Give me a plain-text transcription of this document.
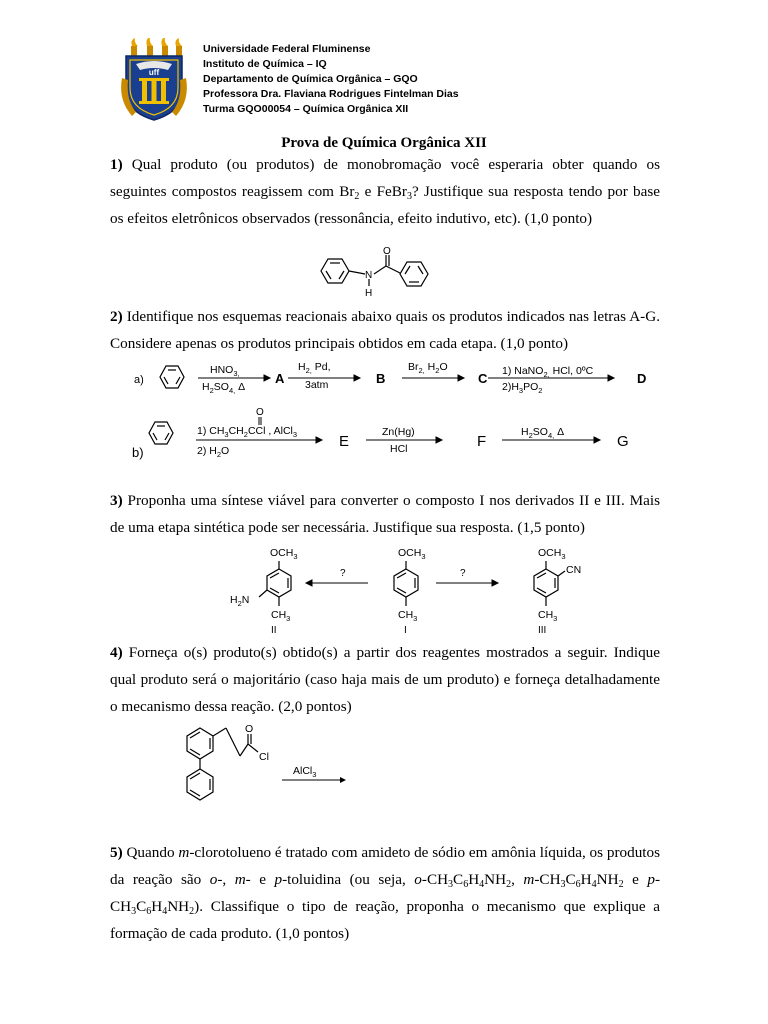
uff
Universidade Federal Fluminense
Instituto de Química – IQ
Departamento de Química Orgânica – GQO
Professora Dra. Flaviana Rodrigues Fintelman Dias
Turma GQO00054 – Química Orgânica XII
Prova de Química Orgânica XII
1) Qual produto (ou produtos) de monobromação você esperaria obter quando os seguintes compostos reagissem com $Br_2$ e FeBr$_3$? Justifique sua resposta tendo por base os efeitos eletrônicos observados (ressonância, efeito indutivo, etc). (1,0 ponto)
O
N
H
2) Identifique nos esquemas reacionais abaixo quais os produtos indicados nas letras A-G. Considere apenas os produtos principais obtidos em cada etapa. (1,0 ponto)
a)
$HNO_{3,}$
$H_2SO_{4,}$ Δ
A
$H_{2,}$ Pd,
3atm	B
$Br_{2,}$ $H_2O$
C 1) NaNO$_{2,}$ HCl, 0ºC
$2)H_3PO_2$
D
b)
O
1) $CH_3CH_2CCl$ , AlCl$_3$
2) $H_2O$
E
Zn(Hg)
HCl	F
$H_2SO_{4,}$ Δ
G
3) Proponha uma síntese viável para converter o composto I nos derivados II e III. Mais de uma etapa sintética pode ser necessária. Justifique sua resposta. (1,5 ponto)
$OCH_3$
$H_2N$
$CH_3$
II
?	?
$OCH_3$
$CH_3$
I
$OCH_3$
CN
$CH_3$
III
4) Forneça o(s) produto(s) obtido(s) a partir dos reagentes mostrados a seguir. Indique qual produto será o majoritário (caso haja mais de um produto) e forneça detalhadamente o mecanismo dessa reação. (2,0 pontos)
O
Cl
AlCl$_3$
5) Quando m-clorotolueno é tratado com amideto de sódio em amônia líquida, os produtos da reação são o-, m- e p-toluidina (ou seja, $o-CH_3C_6H_4NH_2$, $m-CH_3C_6H_4NH_2$ e $p-CH_3C_6H_4NH_2$). Classifique o tipo de reação, proponha o mecanismo que explique a formação de cada produto. (1,0 pontos)
